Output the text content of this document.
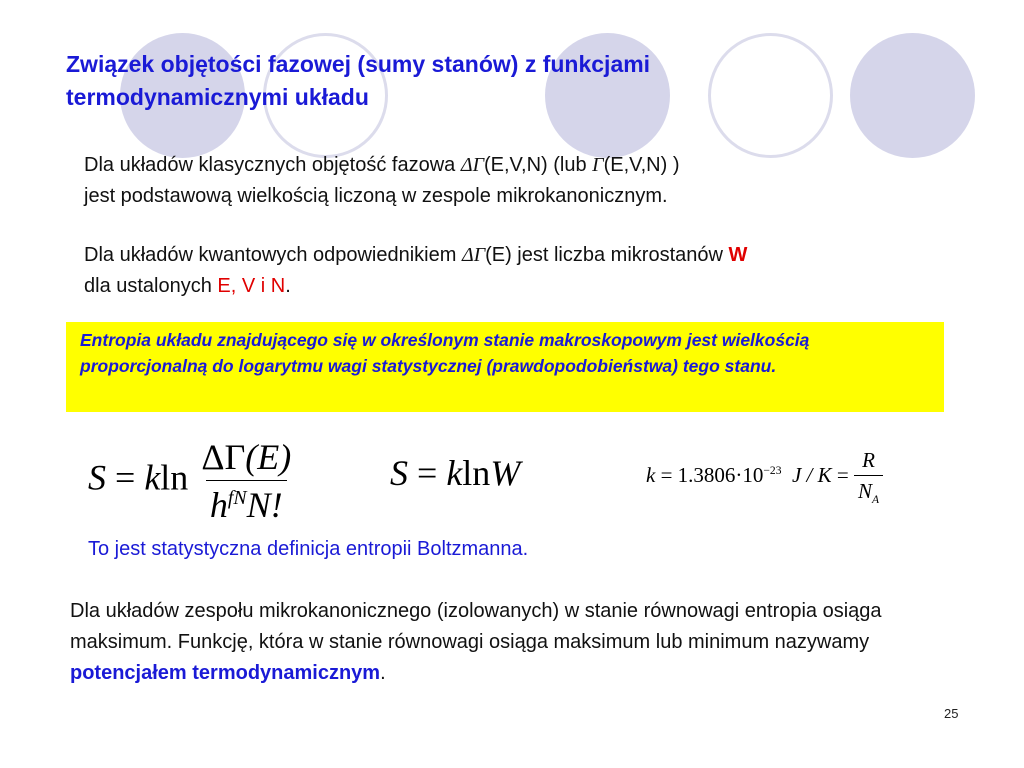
Związek objętości fazowej (sumy stanów) z funkcjami termodynamicznymi układu
Dla układów klasycznych objętość fazowa ΔΓ(E,V,N) (lub Γ(E,V,N) )
jest podstawową wielkością liczoną w zespole mikrokanonicznym.
Dla układów kwantowych odpowiednikiem ΔΓ(E) jest liczba mikrostanów W
dla ustalonych E, V i N.
Entropia układu znajdującego się w określonym stanie makroskopowym jest wielkością proporcjonalną do logarytmu wagi statystycznej (prawdopodobieństwa) tego stanu.
S = kln $\frac{\Delta\Gamma(E)}{h^{fN}N!}$	S = klnW	$k = 1.3806\cdot 10^{-23}$ $J / K = \frac{R}{N_A}$
To jest statystyczna definicja entropii Boltzmanna.
Dla układów zespołu mikrokanonicznego (izolowanych) w stanie równowagi entropia osiąga maksimum. Funkcję, która w stanie równowagi osiąga maksimum lub minimum nazywamy potencjałem termodynamicznym.
25
